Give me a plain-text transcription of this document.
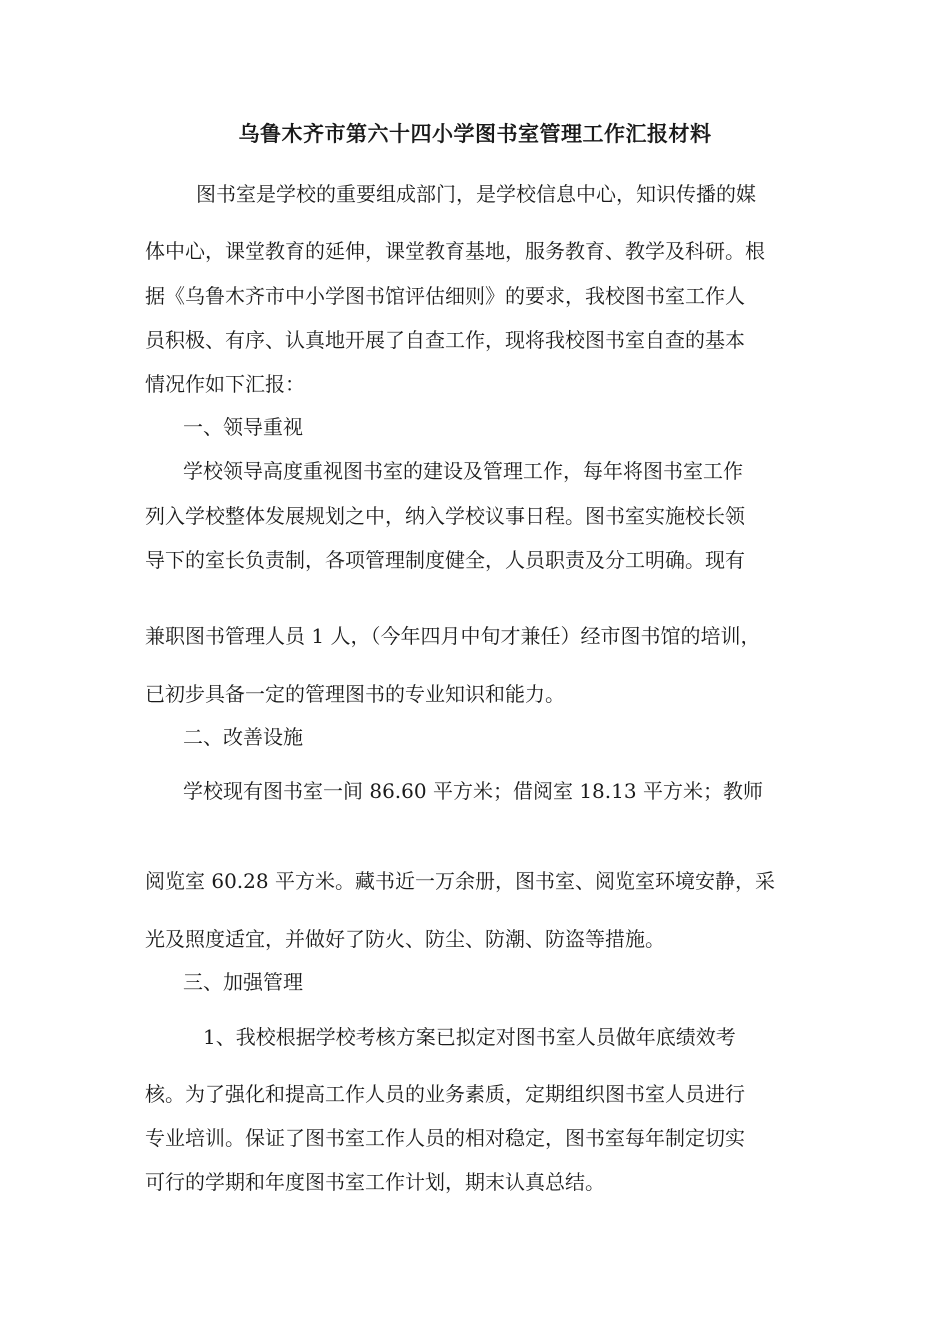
乌鲁木齐市第六十四小学图书室管理工作汇报材料
图书室是学校的重要组成部门，是学校信息中心，知识传播的媒
体中心，课堂教育的延伸，课堂教育基地，服务教育、教学及科研。根
据《乌鲁木齐市中小学图书馆评估细则》的要求，我校图书室工作人
员积极、有序、认真地开展了自查工作，现将我校图书室自查的基本
情况作如下汇报：
一、领导重视
学校领导高度重视图书室的建设及管理工作，每年将图书室工作
列入学校整体发展规划之中，纳入学校议事日程。图书室实施校长领
导下的室长负责制，各项管理制度健全，人员职责及分工明确。现有
兼职图书管理人员 1 人，（今年四月中旬才兼任）经市图书馆的培训，
已初步具备一定的管理图书的专业知识和能力。
二、改善设施
学校现有图书室一间 86.60 平方米；借阅室 18.13 平方米；教师
阅览室 60.28 平方米。藏书近一万余册，图书室、阅览室环境安静，采
光及照度适宜，并做好了防火、防尘、防潮、防盗等措施。
三、加强管理
1、我校根据学校考核方案已拟定对图书室人员做年底绩效考
核。为了强化和提高工作人员的业务素质，定期组织图书室人员进行
专业培训。保证了图书室工作人员的相对稳定，图书室每年制定切实
可行的学期和年度图书室工作计划，期末认真总结。
